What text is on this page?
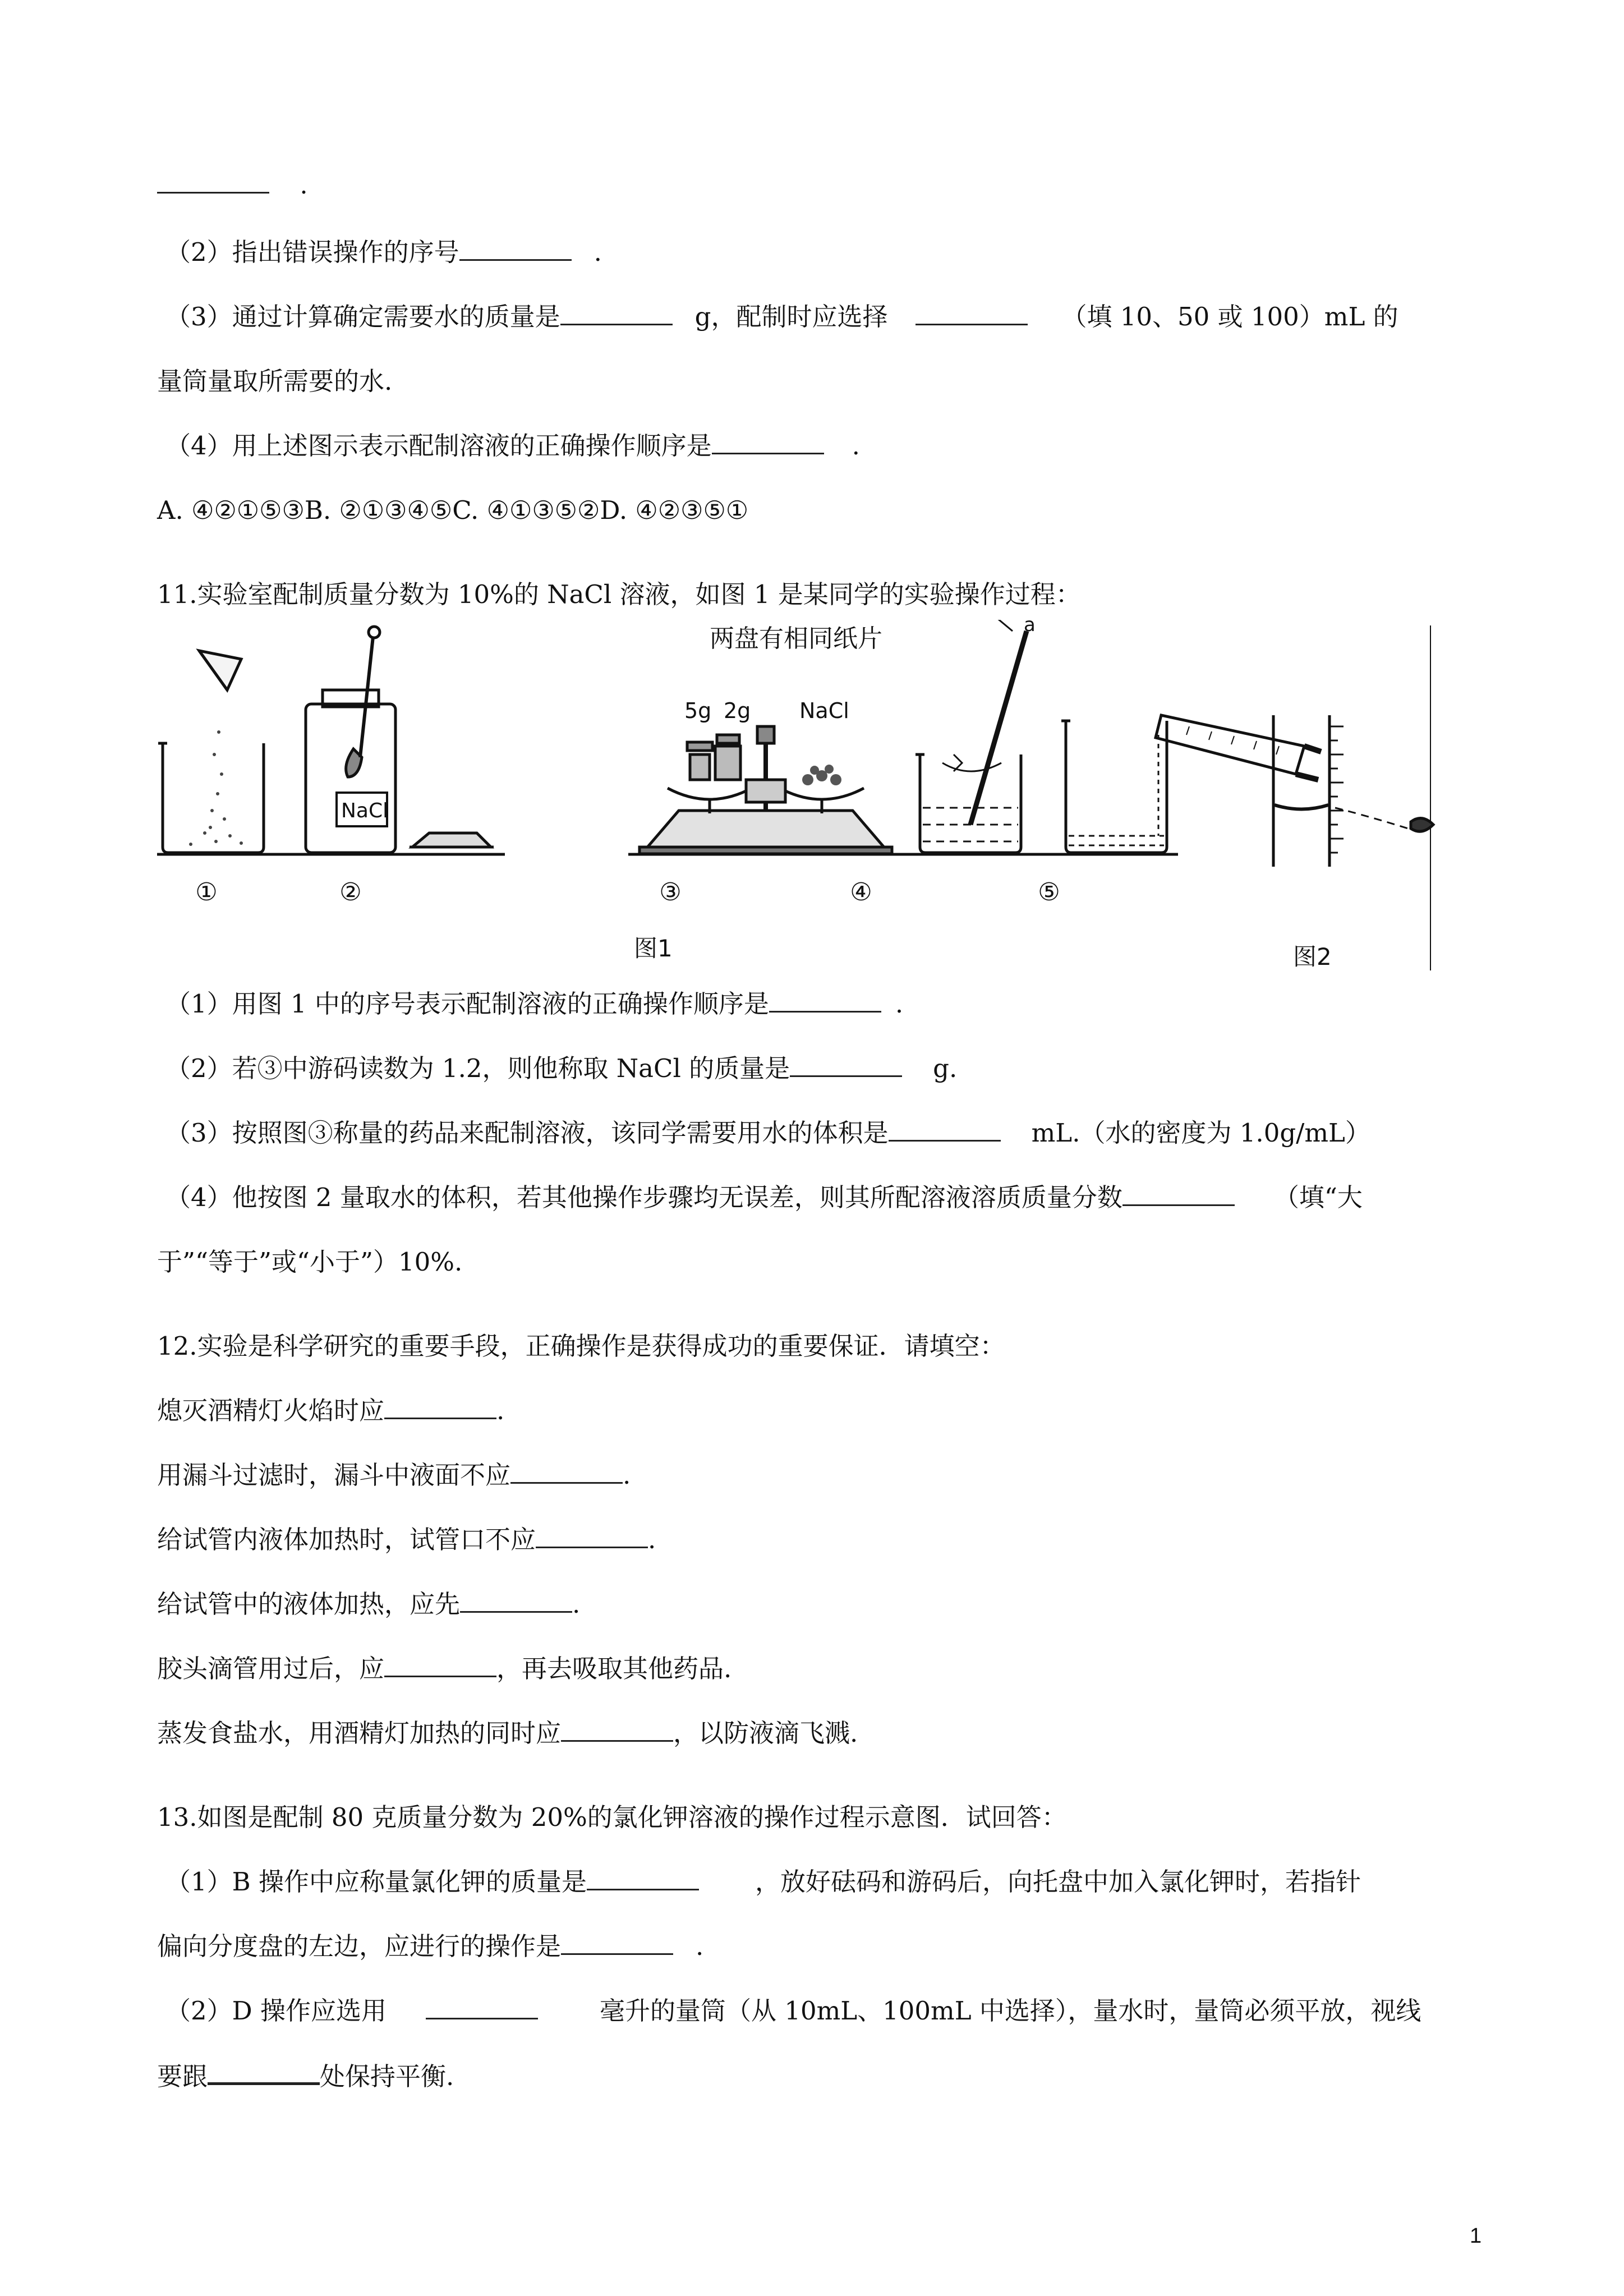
.
（2）指出错误操作的序号	.
（3）通过计算确定需要水的质量是	g，配制时应选择	（填 10、50 或 100）mL 的
量筒量取所需要的水.
（4）用上述图示表示配制溶液的正确操作顺序是	.
A. ④②①⑤③B. ②①③④⑤C. ④①③⑤②D. ④②③⑤①
11.实验室配制质量分数为 10%的 NaCl 溶液，如图 1 是某同学的实验操作过程：
两盘有相同纸片
5g 2g NaCl
NaCl
a
①	②	③	④	⑤
图1	图2
（1）用图 1 中的序号表示配制溶液的正确操作顺序是	.
（2）若③中游码读数为 1.2，则他称取 NaCl 的质量是	g.
（3）按照图③称量的药品来配制溶液，该同学需要用水的体积是	mL.（水的密度为 1.0g/mL）
（4）他按图 2 量取水的体积，若其他操作步骤均无误差，则其所配溶液溶质质量分数	（填“大
于”“等于”或“小于”）10%.
12.实验是科学研究的重要手段，正确操作是获得成功的重要保证．请填空：
熄灭酒精灯火焰时应	.
用漏斗过滤时，漏斗中液面不应	.
给试管内液体加热时，试管口不应	.
给试管中的液体加热，应先	.
胶头滴管用过后，应	，再去吸取其他药品.
蒸发食盐水，用酒精灯加热的同时应	，以防液滴飞溅.
13.如图是配制 80 克质量分数为 20%的氯化钾溶液的操作过程示意图．试回答：
（1）B 操作中应称量氯化钾的质量是	，放好砝码和游码后，向托盘中加入氯化钾时，若指针
偏向分度盘的左边，应进行的操作是	.
（2）D 操作应选用	毫升的量筒（从 10mL、100mL 中选择），量水时，量筒必须平放，视线
要跟	处保持平衡.
1
